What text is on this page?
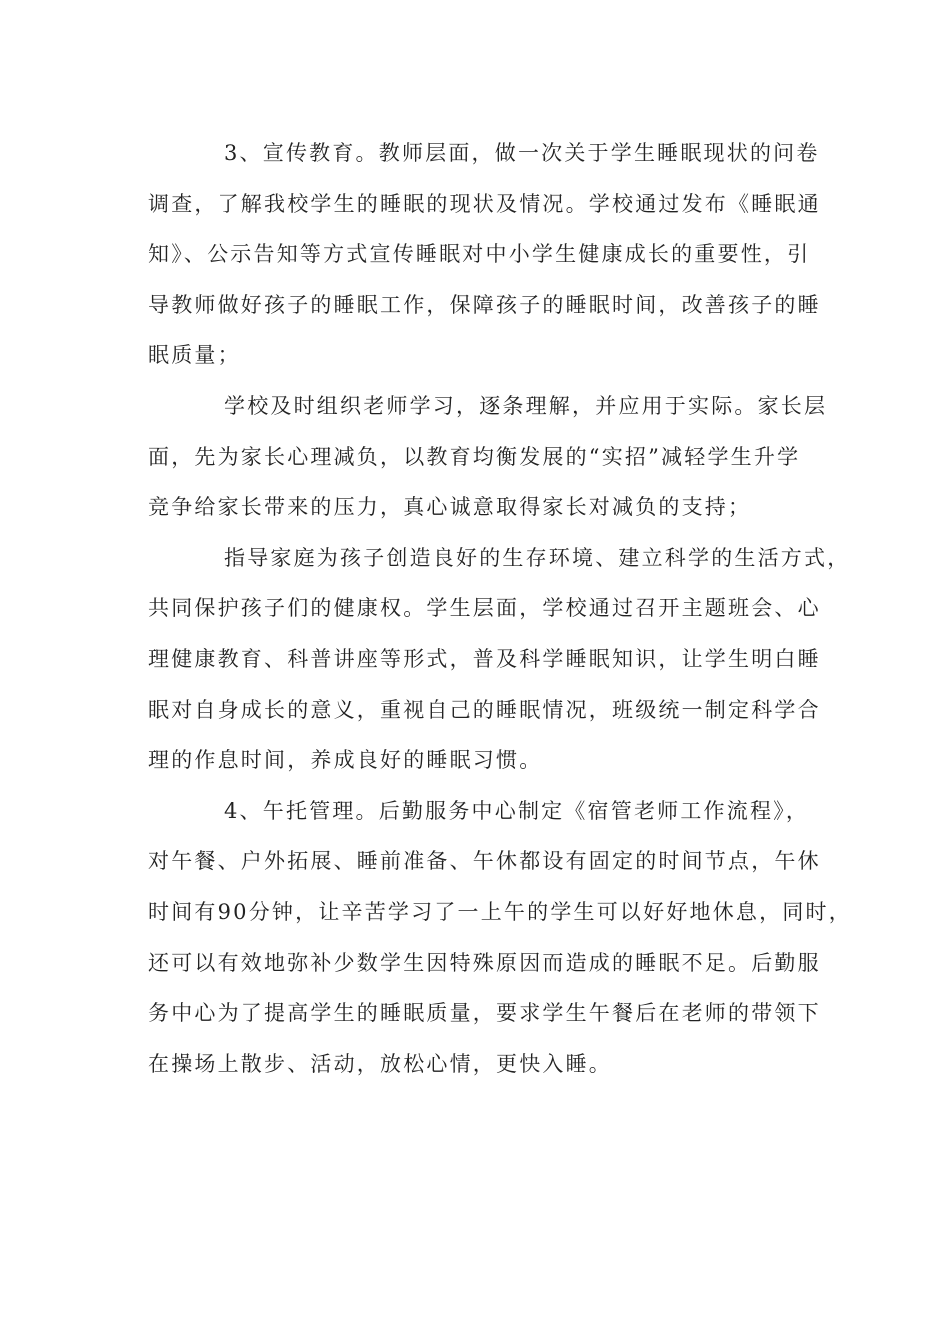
3、宣传教育。教师层面，做一次关于学生睡眠现状的问卷
调查，了解我校学生的睡眠的现状及情况。学校通过发布《睡眠通
知》、公示告知等方式宣传睡眠对中小学生健康成长的重要性，引
导教师做好孩子的睡眠工作，保障孩子的睡眠时间，改善孩子的睡
眠质量；
学校及时组织老师学习，逐条理解，并应用于实际。家长层
面，先为家长心理减负，以教育均衡发展的“实招”减轻学生升学
竞争给家长带来的压力，真心诚意取得家长对减负的支持；
指导家庭为孩子创造良好的生存环境、建立科学的生活方式，
共同保护孩子们的健康权。学生层面，学校通过召开主题班会、心
理健康教育、科普讲座等形式，普及科学睡眠知识，让学生明白睡
眠对自身成长的意义，重视自己的睡眠情况，班级统一制定科学合
理的作息时间，养成良好的睡眠习惯。
4、午托管理。后勤服务中心制定《宿管老师工作流程》，
对午餐、户外拓展、睡前准备、午休都设有固定的时间节点，午休
时间有90分钟，让辛苦学习了一上午的学生可以好好地休息，同时，
还可以有效地弥补少数学生因特殊原因而造成的睡眠不足。后勤服
务中心为了提高学生的睡眠质量，要求学生午餐后在老师的带领下
在操场上散步、活动，放松心情，更快入睡。
